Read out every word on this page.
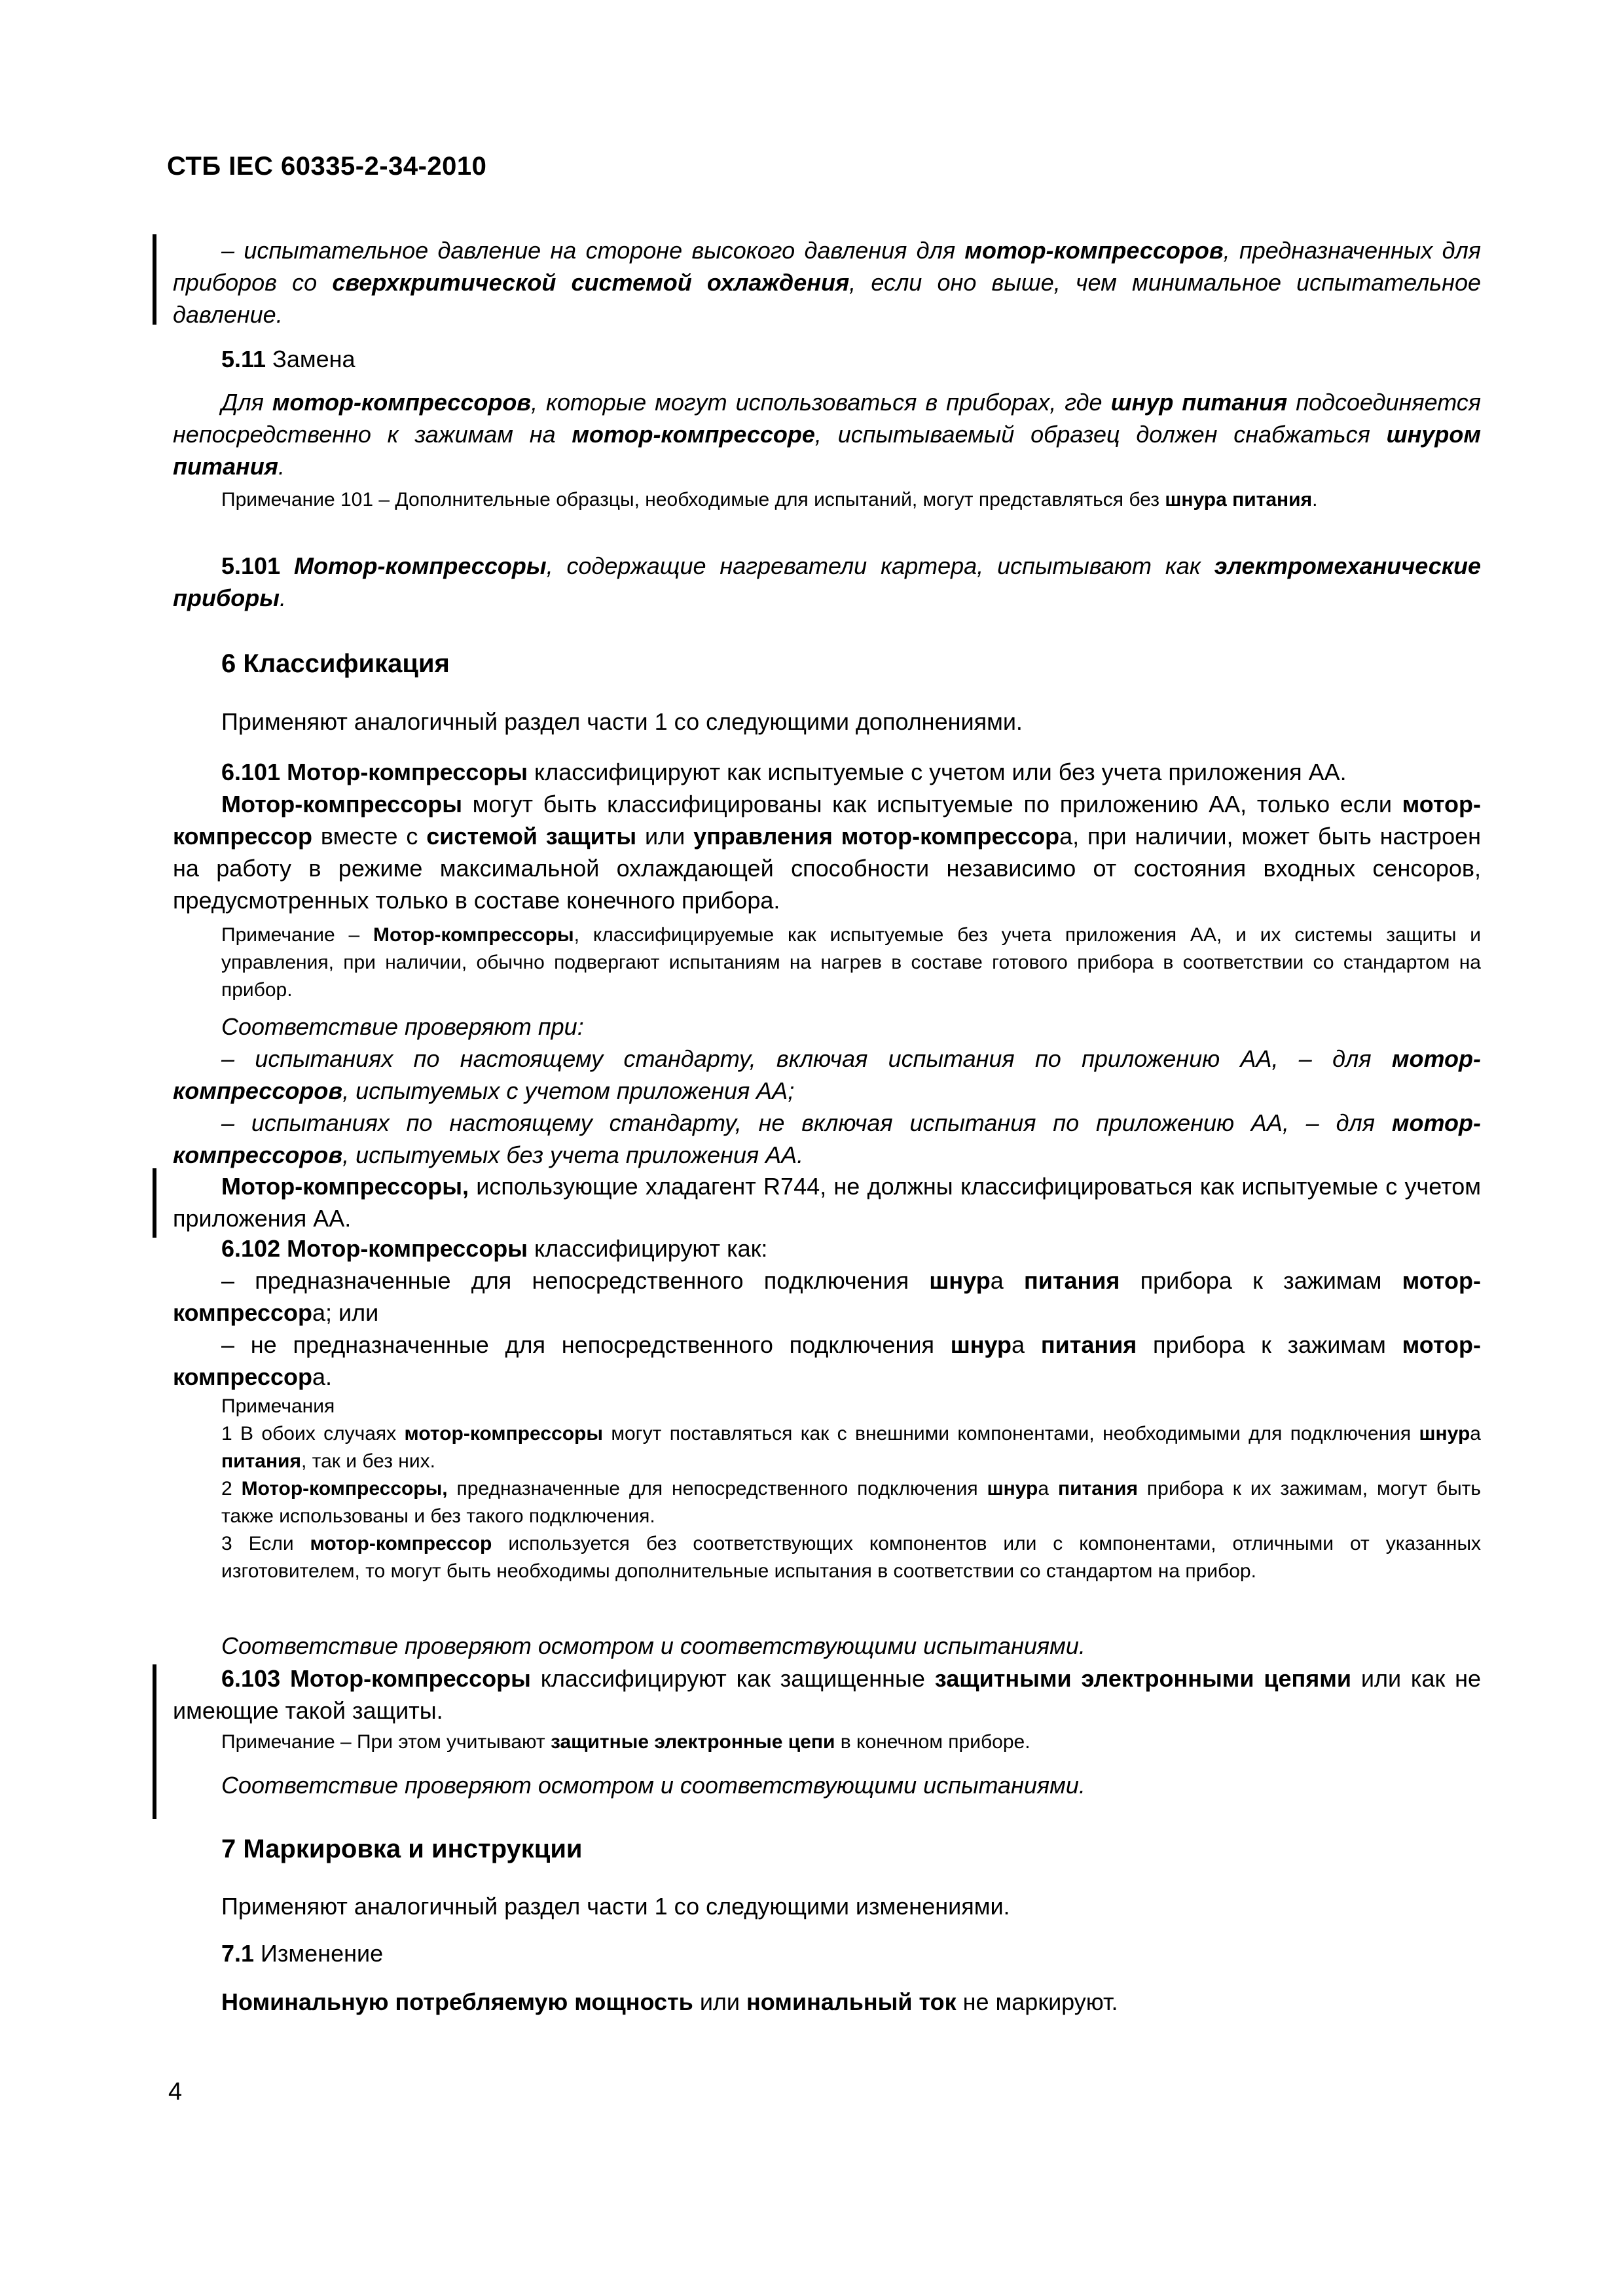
СТБ IEC 60335-2-34-2010

– испытательное давление на стороне высокого давления для мотор-компрессоров, предназначенных для приборов со сверхкритической системой охлаждения, если оно выше, чем минимальное испытательное давление.

5.11 Замена

Для мотор-компрессоров, которые могут использоваться в приборах, где шнур питания подсоединяется непосредственно к зажимам на мотор-компрессоре, испытываемый образец должен снабжаться шнуром питания.

Примечание 101 – Дополнительные образцы, необходимые для испытаний, могут представляться без шнура питания.

5.101 Мотор-компрессоры, содержащие нагреватели картера, испытывают как электромеханические приборы.

6 Классификация

Применяют аналогичный раздел части 1 со следующими дополнениями.

6.101 Мотор-компрессоры классифицируют как испытуемые с учетом или без учета приложения АА.
Мотор-компрессоры могут быть классифицированы как испытуемые по приложению АА, только если мотор-компрессор вместе с системой защиты или управления мотор-компрессора, при наличии, может быть настроен на работу в режиме максимальной охлаждающей способности независимо от состояния входных сенсоров, предусмотренных только в составе конечного прибора.

Примечание – Мотор-компрессоры, классифицируемые как испытуемые без учета приложения АА, и их системы защиты и управления, при наличии, обычно подвергают испытаниям на нагрев в составе готового прибора в соответствии со стандартом на прибор.

Соответствие проверяют при:
– испытаниях по настоящему стандарту, включая испытания по приложению АА, – для мотор-компрессоров, испытуемых с учетом приложения АА;
– испытаниях по настоящему стандарту, не включая испытания по приложению АА, – для мотор-компрессоров, испытуемых без учета приложения АА.

Мотор-компрессоры, использующие хладагент R744, не должны классифицироваться как испытуемые с учетом приложения АА.

6.102 Мотор-компрессоры классифицируют как:
– предназначенные для непосредственного подключения шнура питания прибора к зажимам мотор-компрессора; или
– не предназначенные для непосредственного подключения шнура питания прибора к зажимам мотор-компрессора.

Примечания

1 В обоих случаях мотор-компрессоры могут поставляться как с внешними компонентами, необходимыми для подключения шнура питания, так и без них.

2 Мотор-компрессоры, предназначенные для непосредственного подключения шнура питания прибора к их зажимам, могут быть также использованы и без такого подключения.

3 Если мотор-компрессор используется без соответствующих компонентов или с компонентами, отличными от указанных изготовителем, то могут быть необходимы дополнительные испытания в соответствии со стандартом на прибор.

Соответствие проверяют осмотром и соответствующими испытаниями.

6.103 Мотор-компрессоры классифицируют как защищенные защитными электронными цепями или как не имеющие такой защиты.

Примечание – При этом учитывают защитные электронные цепи в конечном приборе.

Соответствие проверяют осмотром и соответствующими испытаниями.

7 Маркировка и инструкции

Применяют аналогичный раздел части 1 со следующими изменениями.

7.1 Изменение

Номинальную потребляемую мощность или номинальный ток не маркируют.

4
